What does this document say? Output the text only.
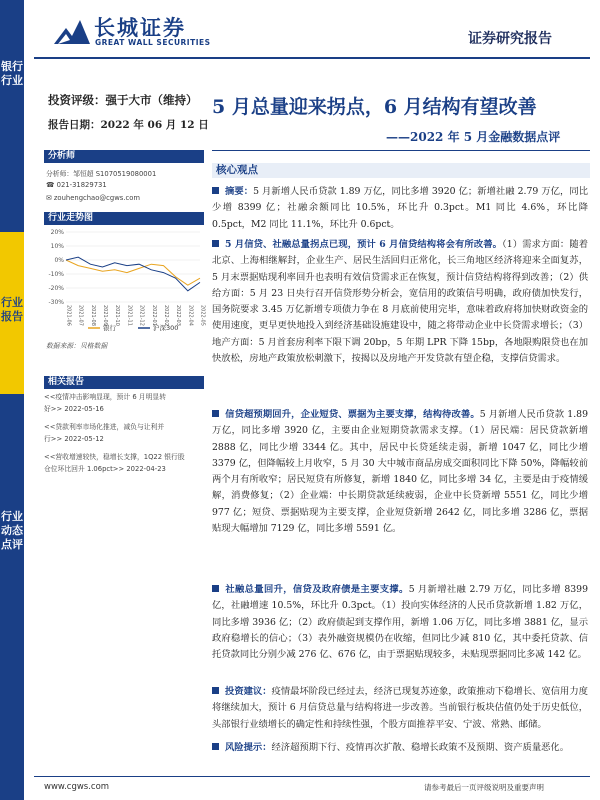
银行行业
行业报告
行业动态点评
长城证券
GREAT WALL SECURITIES	证券研究报告
投资评级：强于大市（维持）
报告日期：2022 年 06 月 12 日
分析师
分析师：邹恒超 S1070519080001
☎ 021-31829731
✉ zouhengchao@cgws.com
行业走势图
20%
10%
0%
-10%
-20%
-30%
2021-06 2021-07 2021-08 2021-09 2021-10 2021-11 2021-12 2022-01 2022-02 2022-03 2022-04 2022-05
银行	沪深300
数据来源：贝格数据
相关报告
<<疫情冲击影响显现，预计 6 月明显转
好>> 2022-05-16
<<贷款利率市场化推进，减负与让利并
行>> 2022-05-12
<<营收增速较快，稳增长支撑，1Q22 银行股
仓位环比回升 1.06pct>> 2022-04-23
5 月总量迎来拐点，6 月结构有望改善
——2022 年 5 月金融数据点评
核心观点
摘要：5 月新增人民币贷款 1.89 万亿，同比多增 3920 亿；新增社融 2.79 万亿，同比少增 8399 亿；社融余额同比 10.5%，环比升 0.3pct。M1 同比 4.6%，环比降 0.5pct，M2 同比 11.1%，环比升 0.6pct。
5 月信贷、社融总量拐点已现，预计 6 月信贷结构将会有所改善。（1）需求方面：随着北京、上海相继解封，企业生产、居民生活回归正常化，长三角地区经济将迎来全面复苏，5 月末票据贴现利率回升也表明有效信贷需求正在恢复，预计信贷结构将得到改善；（2）供给方面：5 月 23 日央行召开信贷形势分析会，宽信用的政策信号明确，政府债加快发行，国务院要求 3.45 万亿新增专项债力争在 8 月底前使用完毕，意味着政府将加快财政资金的使用速度，更早更快地投入到经济基础设施建设中，随之将带动企业中长贷需求增长；（3）地产方面：5 月首套房利率下限下调 20bp，5 年期 LPR 下降 15bp，各地限购限贷也在加快放松，房地产政策放松刺激下，按揭以及房地产开发贷款有望企稳，支撑信贷需求。
信贷超预期回升，企业短贷、票据为主要支撑，结构待改善。5 月新增人民币贷款 1.89 万亿，同比多增 3920 亿，主要由企业短期贷款需求支撑。（1）居民端：居民贷款新增 2888 亿，同比少增 3344 亿。其中，居民中长贷延续走弱，新增 1047 亿，同比少增 3379 亿，但降幅较上月收窄，5 月 30 大中城市商品房成交面积同比下降 50%，降幅较前两个月有所收窄；居民短贷有所修复，新增 1840 亿，同比多增 34 亿，主要是由于疫情缓解，消费修复；（2）企业端：中长期贷款延续疲弱，企业中长贷新增 5551 亿，同比少增 977 亿；短贷、票据贴现为主要支撑，企业短贷新增 2642 亿，同比多增 3286 亿，票据贴现大幅增加 7129 亿，同比多增 5591 亿。
社融总量回升，信贷及政府债是主要支撑。5 月新增社融 2.79 万亿，同比多增 8399 亿，社融增速 10.5%，环比升 0.3pct。（1）投向实体经济的人民币贷款新增 1.82 万亿，同比多增 3936 亿；（2）政府债起到支撑作用，新增 1.06 万亿，同比多增 3881 亿，显示政府稳增长的信心；（3）表外融资规模仍在收缩，但同比少减 810 亿，其中委托贷款、信托贷款同比分别少减 276 亿、676 亿，由于票据贴现较多，未贴现票据同比多减 142 亿。
投资建议：疫情最坏阶段已经过去，经济已现复苏迹象，政策推动下稳增长、宽信用力度将继续加大，预计 6 月信贷总量与结构将进一步改善。当前银行板块估值仍处于历史低位，头部银行业绩增长的确定性和持续性强，个股方面推荐平安、宁波、常熟、邮储。
风险提示：经济超预期下行、疫情再次扩散、稳增长政策不及预期、资产质量恶化。
www.cgws.com	请参考最后一页评级说明及重要声明
